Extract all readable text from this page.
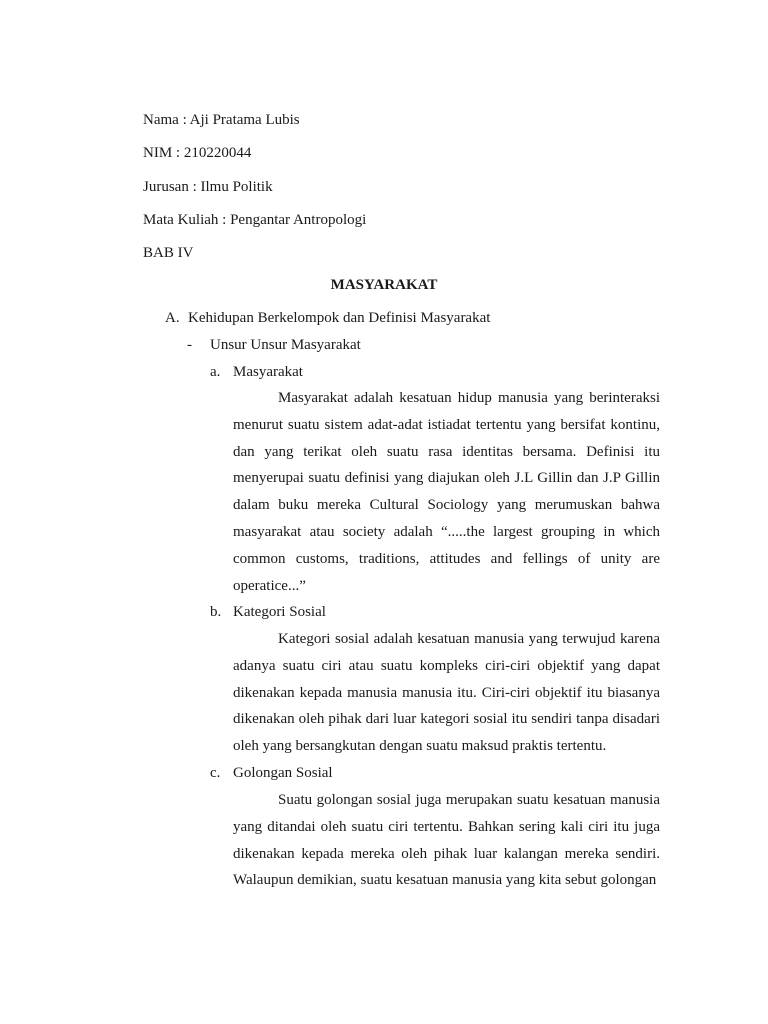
Nama : Aji Pratama Lubis
NIM : 210220044
Jurusan : Ilmu Politik
Mata Kuliah : Pengantar Antropologi
BAB IV
MASYARAKAT
A. Kehidupan Berkelompok dan Definisi Masyarakat
- Unsur Unsur Masyarakat
a. Masyarakat

Masyarakat adalah kesatuan hidup manusia yang berinteraksi menurut suatu sistem adat-adat istiadat tertentu yang bersifat kontinu, dan yang terikat oleh suatu rasa identitas bersama. Definisi itu menyerupai suatu definisi yang diajukan oleh J.L Gillin dan J.P Gillin dalam buku mereka Cultural Sociology yang merumuskan bahwa masyarakat atau society adalah “.....the largest grouping in which common customs, traditions, attitudes and fellings of unity are operatice...”

b. Kategori Sosial

Kategori sosial adalah kesatuan manusia yang terwujud karena adanya suatu ciri atau suatu kompleks ciri-ciri objektif yang dapat dikenakan kepada manusia manusia itu. Ciri-ciri objektif itu biasanya dikenakan oleh pihak dari luar kategori sosial itu sendiri tanpa disadari oleh yang bersangkutan dengan suatu maksud praktis tertentu.

c. Golongan Sosial

Suatu golongan sosial juga merupakan suatu kesatuan manusia yang ditandai oleh suatu ciri tertentu. Bahkan sering kali ciri itu juga dikenakan kepada mereka oleh pihak luar kalangan mereka sendiri. Walaupun demikian, suatu kesatuan manusia yang kita sebut golongan
